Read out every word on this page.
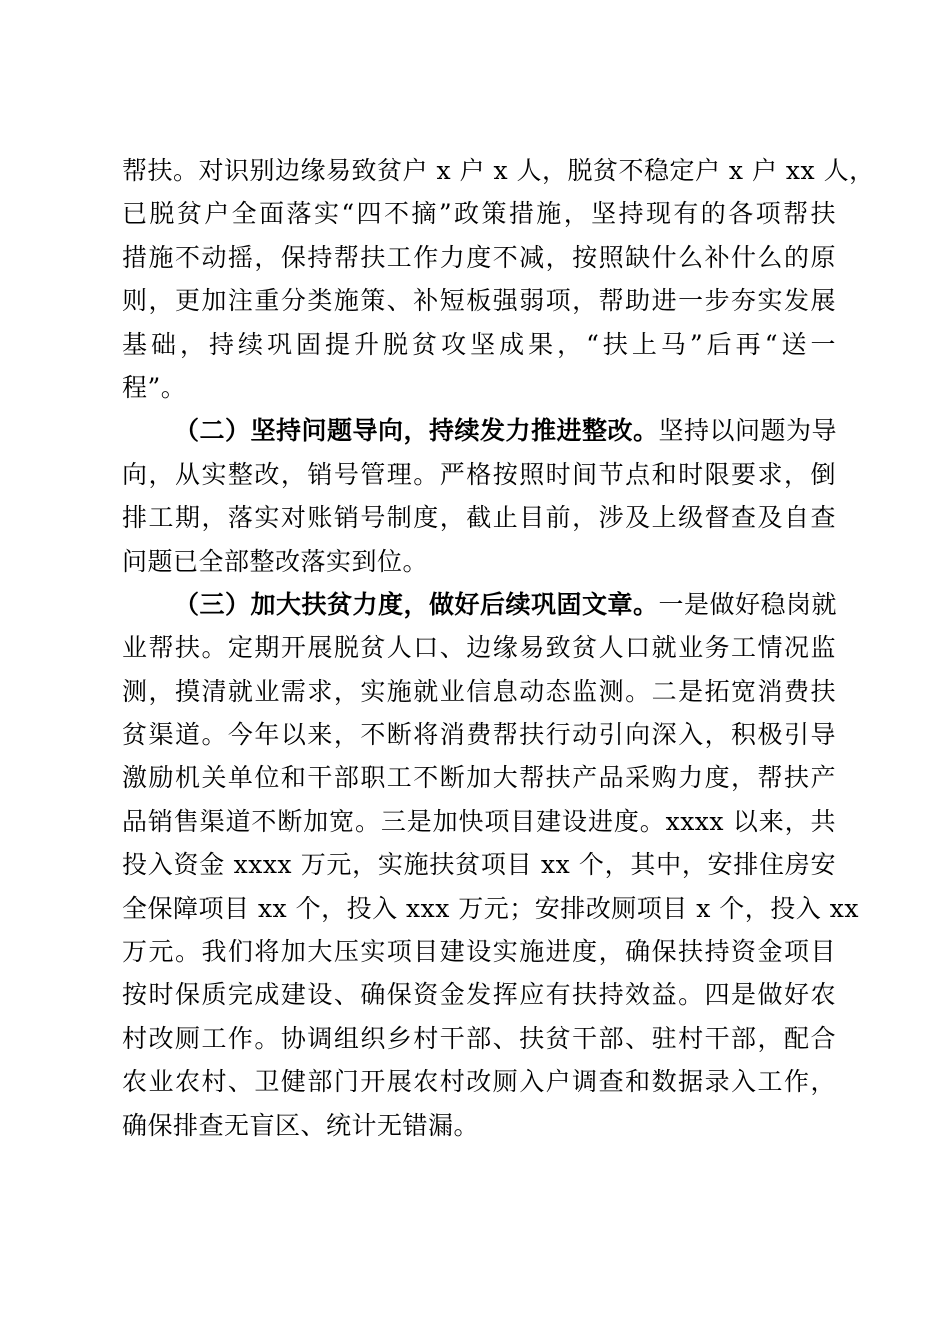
帮扶。对识别边缘易致贫户 x 户 x 人，脱贫不稳定户 x 户 xx 人，
已脱贫户全面落实“四不摘”政策措施，坚持现有的各项帮扶
措施不动摇，保持帮扶工作力度不减，按照缺什么补什么的原
则，更加注重分类施策、补短板强弱项，帮助进一步夯实发展
基础，持续巩固提升脱贫攻坚成果，“扶上马”后再“送一
程”。
（二）坚持问题导向，持续发力推进整改。坚持以问题为导
向，从实整改，销号管理。严格按照时间节点和时限要求，倒
排工期，落实对账销号制度，截止目前，涉及上级督查及自查
问题已全部整改落实到位。
（三）加大扶贫力度，做好后续巩固文章。一是做好稳岗就
业帮扶。定期开展脱贫人口、边缘易致贫人口就业务工情况监
测，摸清就业需求，实施就业信息动态监测。二是拓宽消费扶
贫渠道。今年以来，不断将消费帮扶行动引向深入，积极引导
激励机关单位和干部职工不断加大帮扶产品采购力度，帮扶产
品销售渠道不断加宽。三是加快项目建设进度。xxxx 以来，共
投入资金 xxxx 万元，实施扶贫项目 xx 个，其中，安排住房安
全保障项目 xx 个，投入 xxx 万元；安排改厕项目 x 个，投入 xx
万元。我们将加大压实项目建设实施进度，确保扶持资金项目
按时保质完成建设、确保资金发挥应有扶持效益。四是做好农
村改厕工作。协调组织乡村干部、扶贫干部、驻村干部，配合
农业农村、卫健部门开展农村改厕入户调查和数据录入工作，
确保排查无盲区、统计无错漏。
